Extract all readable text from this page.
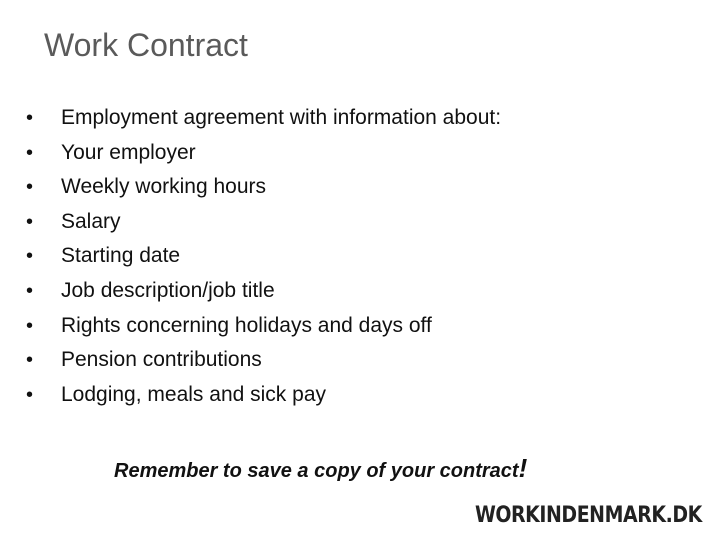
Work Contract
• Employment agreement with information about:
• Your employer
• Weekly working hours
• Salary
• Starting date
• Job description/job title
• Rights concerning holidays and days off
• Pension contributions
• Lodging, meals and sick pay
Remember to save a copy of your contract!
WORKINDENMARK.DK
